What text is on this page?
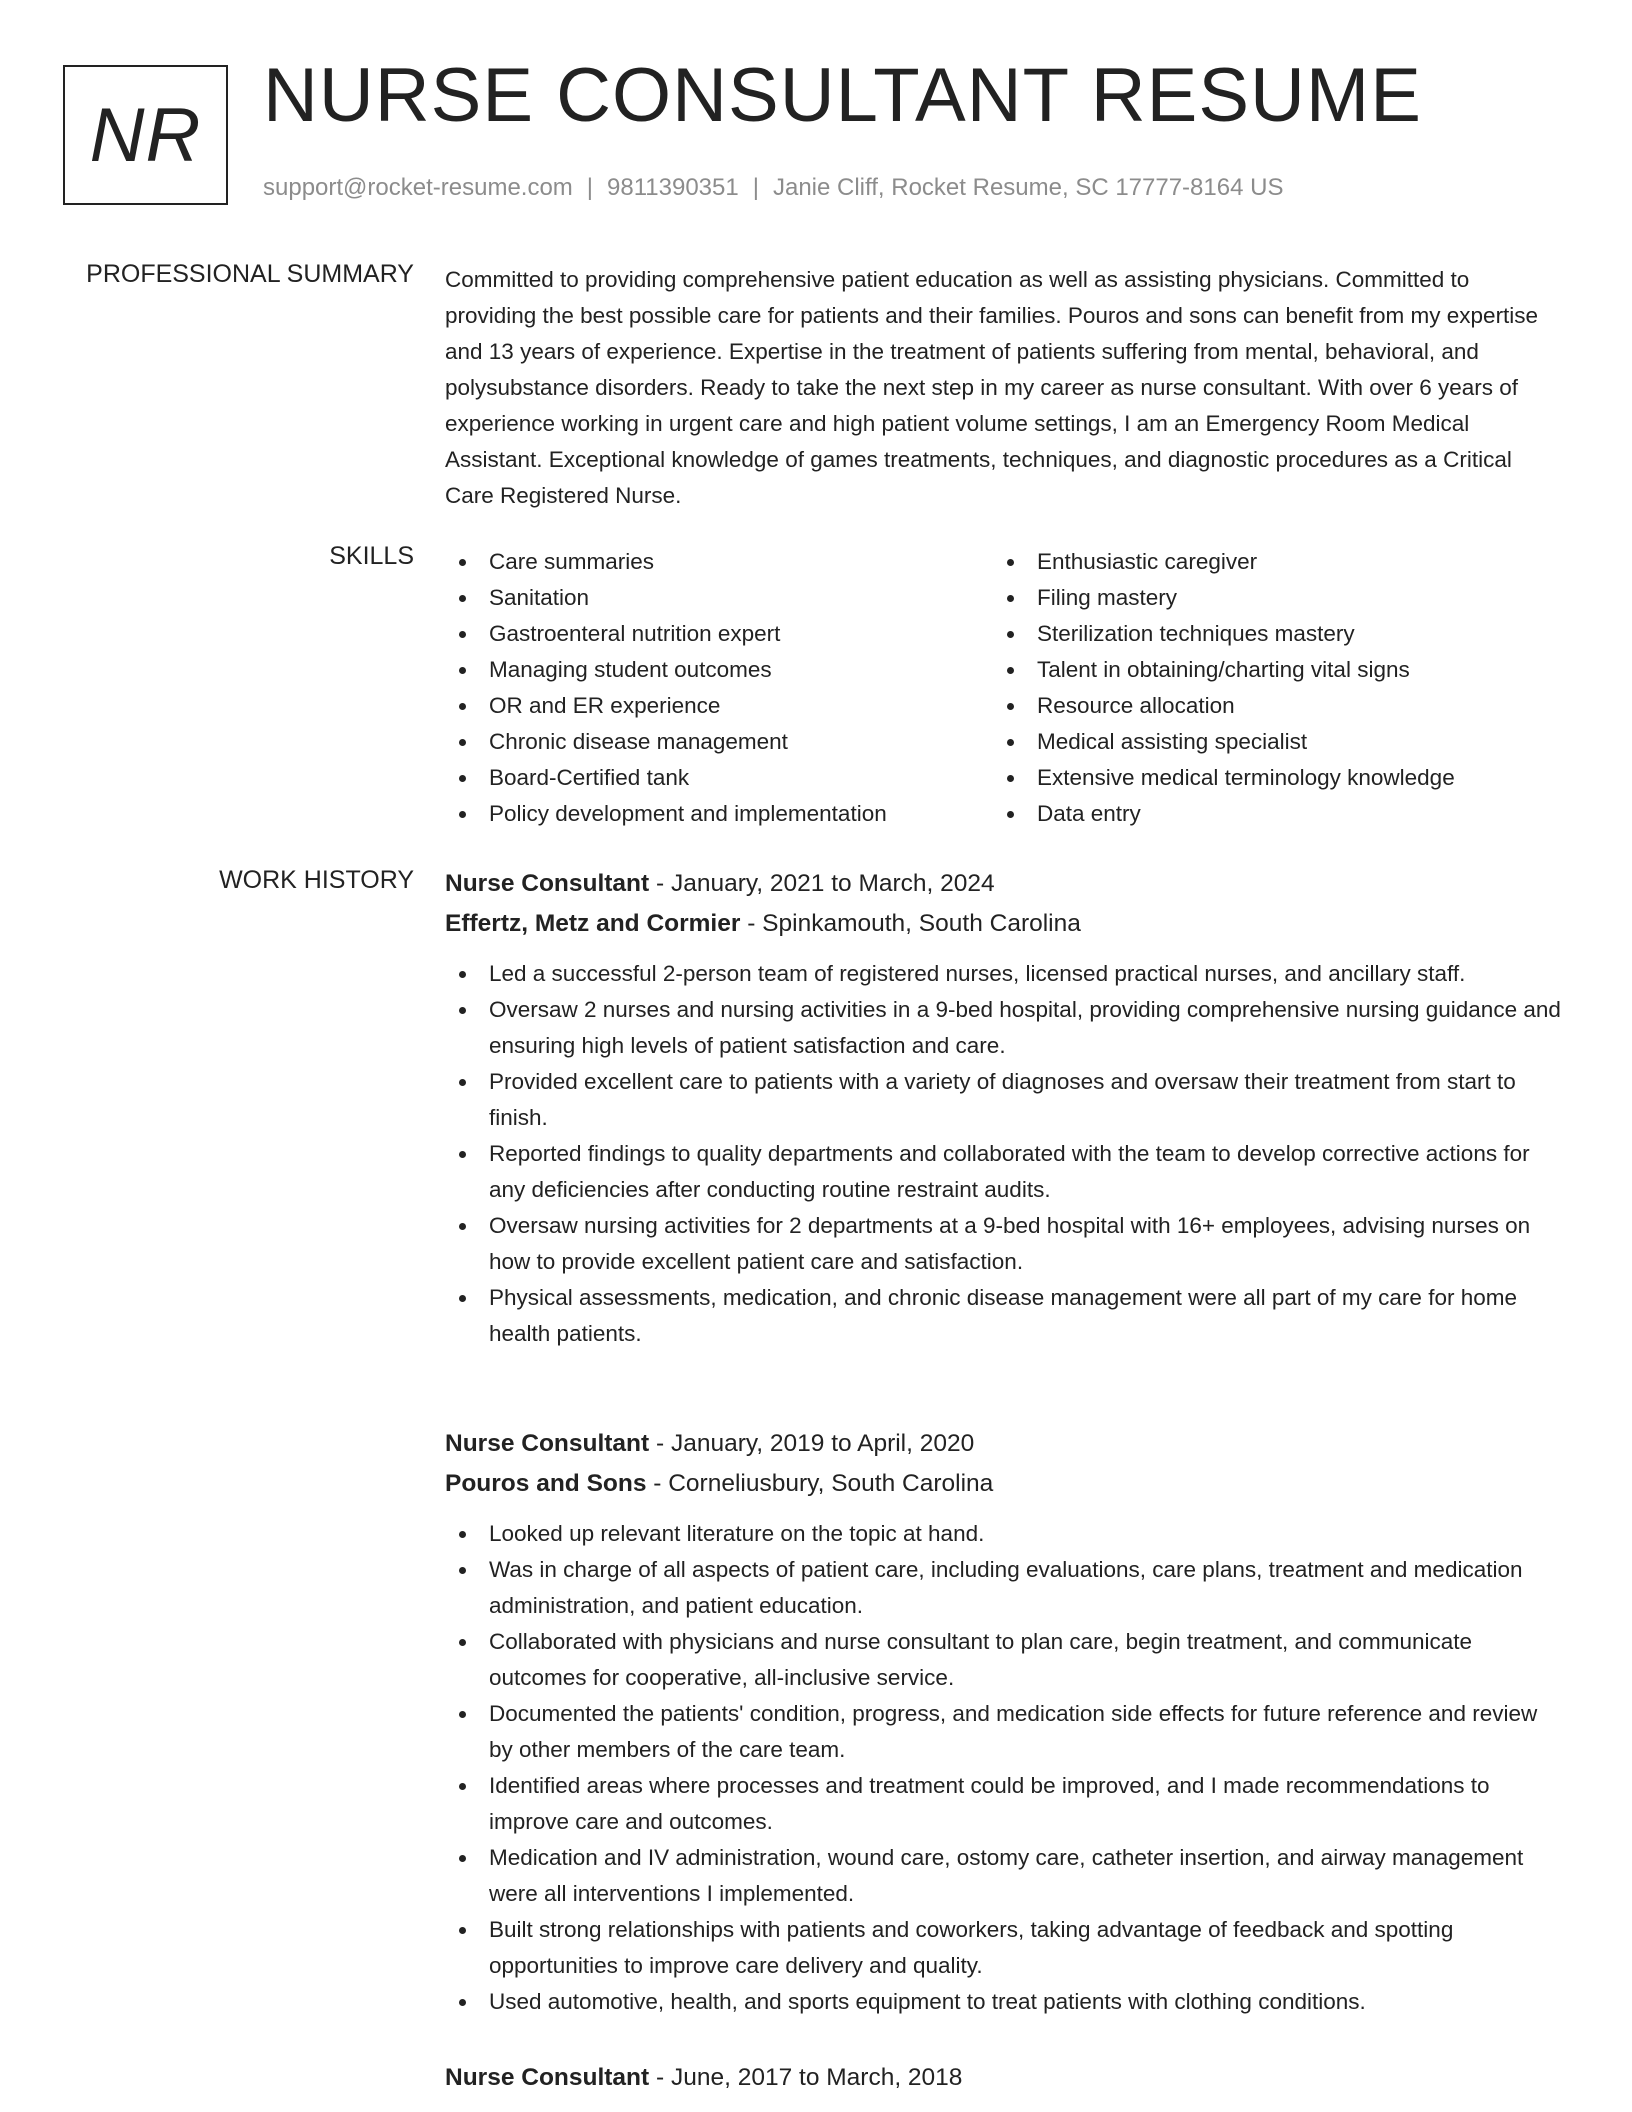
NR NURSE CONSULTANT RESUME
support@rocket-resume.com | 9811390351 | Janie Cliff, Rocket Resume, SC 17777-8164 US
PROFESSIONAL SUMMARY Committed to providing comprehensive patient education as well as assisting physicians. Committed to providing the best possible care for patients and their families. Pouros and sons can benefit from my expertise and 13 years of experience. Expertise in the treatment of patients suffering from mental, behavioral, and polysubstance disorders. Ready to take the next step in my career as nurse consultant. With over 6 years of experience working in urgent care and high patient volume settings, I am an Emergency Room Medical Assistant. Exceptional knowledge of games treatments, techniques, and diagnostic procedures as a Critical Care Registered Nurse.

SKILLS	Care summaries
Sanitation
Gastroenteral nutrition expert
Managing student outcomes
OR and ER experience
Chronic disease management
Board-Certified tank
Policy development and implementation
Enthusiastic caregiver
Filing mastery
Sterilization techniques mastery
Talent in obtaining/charting vital signs
Resource allocation
Medical assisting specialist
Extensive medical terminology knowledge
Data entry
WORK HISTORY Nurse Consultant - January, 2021 to March, 2024
Effertz, Metz and Cormier - Spinkamouth, South Carolina
Led a successful 2-person team of registered nurses, licensed practical nurses, and ancillary staff.
Oversaw 2 nurses and nursing activities in a 9-bed hospital, providing comprehensive nursing guidance and ensuring high levels of patient satisfaction and care.
Provided excellent care to patients with a variety of diagnoses and oversaw their treatment from start to finish.
Reported findings to quality departments and collaborated with the team to develop corrective actions for any deficiencies after conducting routine restraint audits.
Oversaw nursing activities for 2 departments at a 9-bed hospital with 16+ employees, advising nurses on how to provide excellent patient care and satisfaction.
Physical assessments, medication, and chronic disease management were all part of my care for home health patients.
Nurse Consultant - January, 2019 to April, 2020
Pouros and Sons - Corneliusbury, South Carolina
Looked up relevant literature on the topic at hand.
Was in charge of all aspects of patient care, including evaluations, care plans, treatment and medication administration, and patient education.
Collaborated with physicians and nurse consultant to plan care, begin treatment, and communicate outcomes for cooperative, all-inclusive service.
Documented the patients' condition, progress, and medication side effects for future reference and review by other members of the care team.
Identified areas where processes and treatment could be improved, and I made recommendations to improve care and outcomes.
Medication and IV administration, wound care, ostomy care, catheter insertion, and airway management were all interventions I implemented.
Built strong relationships with patients and coworkers, taking advantage of feedback and spotting opportunities to improve care delivery and quality.
Used automotive, health, and sports equipment to treat patients with clothing conditions.
Nurse Consultant - June, 2017 to March, 2018
